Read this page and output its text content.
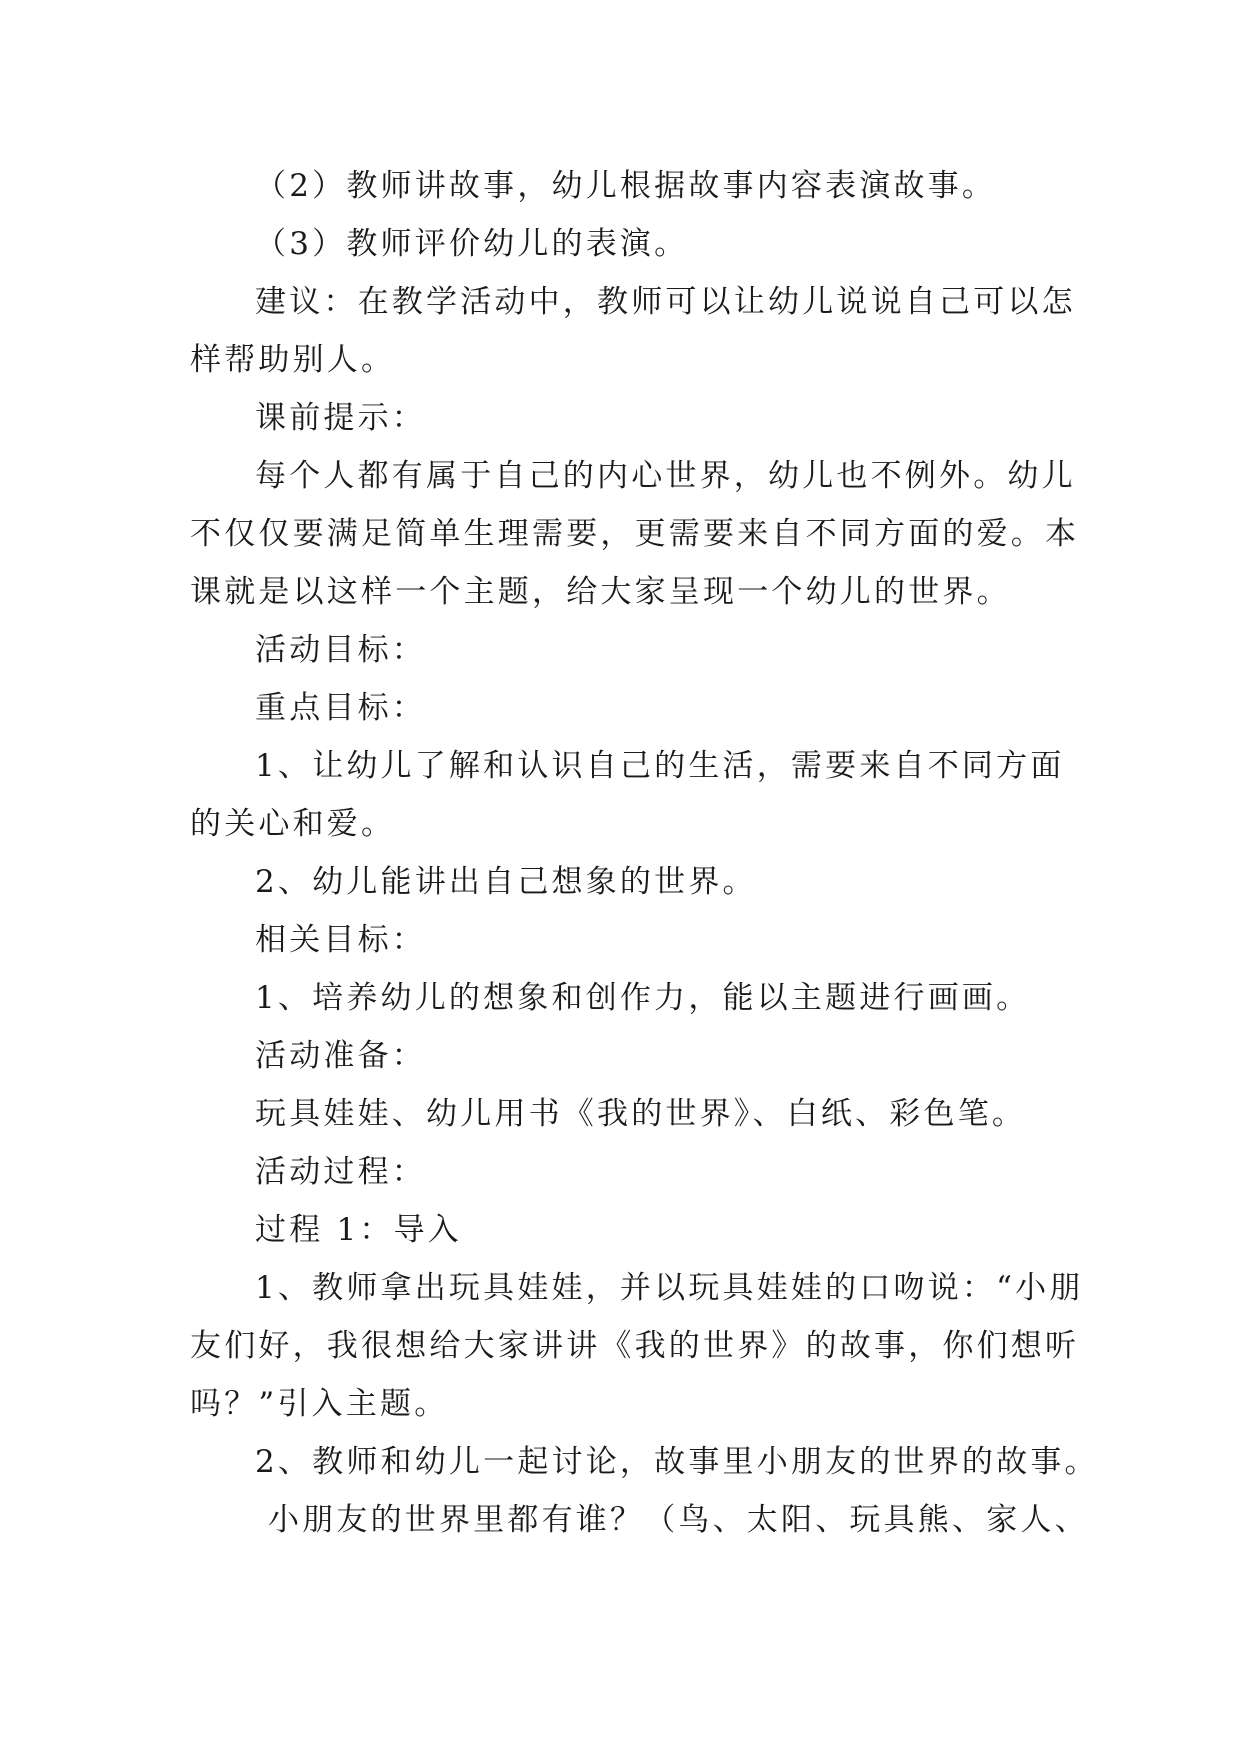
（2）教师讲故事，幼儿根据故事内容表演故事。
（3）教师评价幼儿的表演。
建议：在教学活动中，教师可以让幼儿说说自己可以怎
样帮助别人。
课前提示：
每个人都有属于自己的内心世界，幼儿也不例外。幼儿
不仅仅要满足简单生理需要，更需要来自不同方面的爱。本
课就是以这样一个主题，给大家呈现一个幼儿的世界。
活动目标：
重点目标：
1、让幼儿了解和认识自己的生活，需要来自不同方面
的关心和爱。
2、幼儿能讲出自己想象的世界。
相关目标：
1、培养幼儿的想象和创作力，能以主题进行画画。
活动准备：
玩具娃娃、幼儿用书《我的世界》、白纸、彩色笔。
活动过程：
过程 1：导入
1、教师拿出玩具娃娃，并以玩具娃娃的口吻说：“小朋
友们好，我很想给大家讲讲《我的世界》的故事，你们想听
吗？”引入主题。
2、教师和幼儿一起讨论，故事里小朋友的世界的故事。
小朋友的世界里都有谁？（鸟、太阳、玩具熊、家人、
